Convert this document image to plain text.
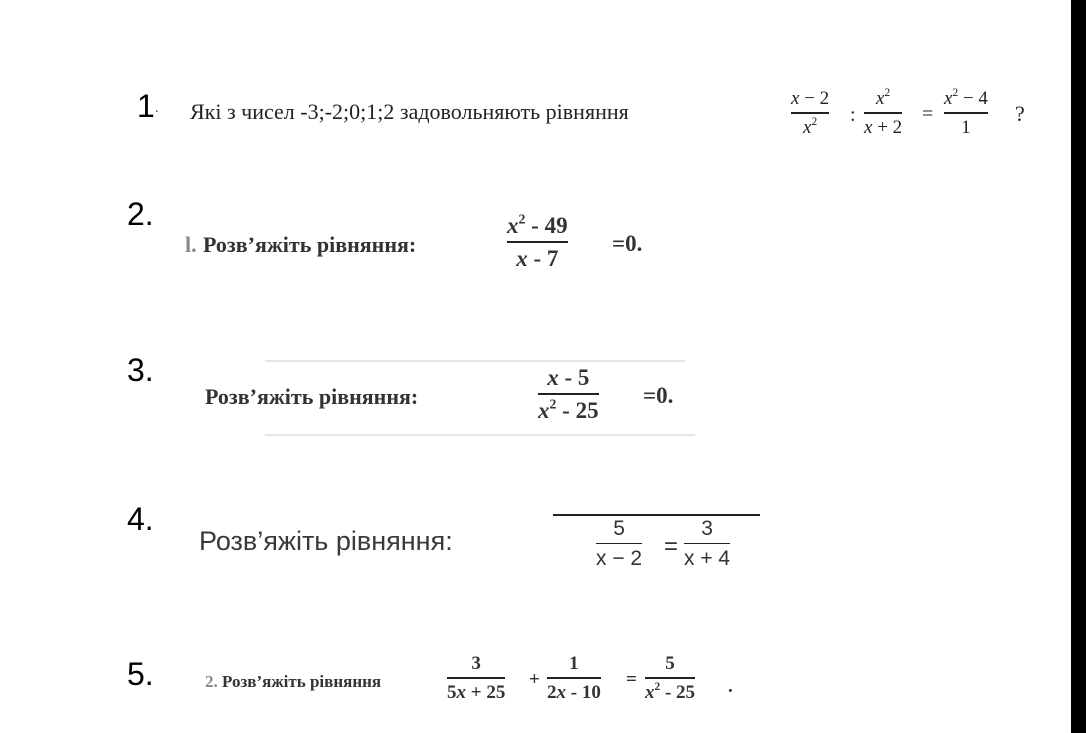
1 . Які з чисел -3;-2;0;1;2 задовольняють рівняння
x − 2
$x^2$ :
$x^2$
x + 2
=
$x^2 - 4$
1
?
2.
l. Розв’яжіть рівняння:
$x^2 - 49$
x - 7
=0.
3.
Розв’яжіть рівняння:
x - 5
$x^2 - 25$
=0.
4.
Розв’яжіть рівняння:	5
x − 2 =
3
x + 4
5.	2. Розв’яжіть рівняння
3
5x + 25
+
1
2x - 10
=
5
$x^2 - 25$ .
